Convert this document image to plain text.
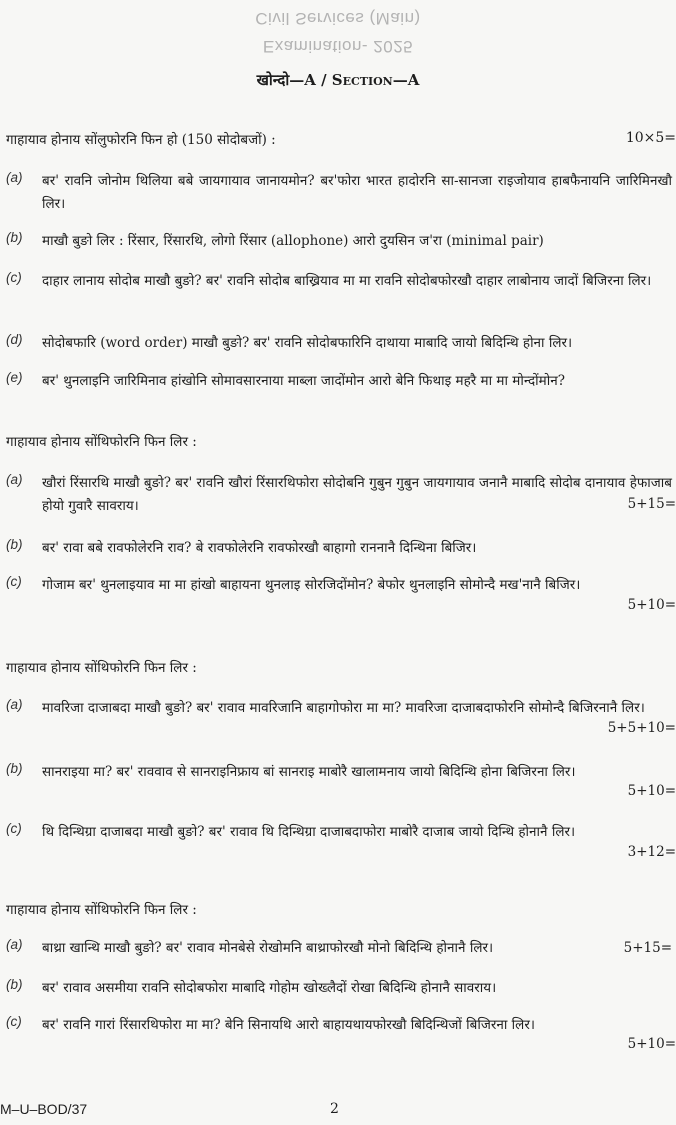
Civil Services (Main)
Examination- 2025
खोन्दो—A / Section—A
गाहायाव होनाय सोंलुफोरनि फिन हो (150 सोदोबजों) :	10×5=
(a) बर' रावनि जोनोम थिलिया बबे जायगायाव जानायमोन? बर'फोरा भारत हादोरनि सा-सानजा राइजोयाव हाबफैनायनि जारिमिनखौ लिर।
(b) माखौ बुङो लिर : रिंसार, रिंसारथि, लोगो रिंसार (allophone) आरो दुयसिन ज'रा (minimal pair)
(c) दाहार लानाय सोदोब माखौ बुङो? बर' रावनि सोदोब बाख्रियाव मा मा रावनि सोदोबफोरखौ दाहार लाबोनाय जादों बिजिरना लिर।
(d) सोदोबफारि (word order) माखौ बुङो? बर' रावनि सोदोबफारिनि दाथाया माबादि जायो बिदिन्थि होना लिर।
(e) बर' थुनलाइनि जारिमिनाव हांखोनि सोमावसारनाया माब्ला जादोंमोन आरो बेनि फिथाइ महरै मा मा मोन्दोंमोन?
गाहायाव होनाय सोंथिफोरनि फिन लिर :
(a) खौरां रिंसारथि माखौ बुङो? बर' रावनि खौरां रिंसारथिफोरा सोदोबनि गुबुन गुबुन जायगायाव जनानै माबादि सोदोब दानायाव हेफाजाब होयो गुवारै सावराय।	5+15=
(b) बर' रावा बबे रावफोलेरनि राव? बे रावफोलेरनि रावफोरखौ बाहागो राननानै दिन्थिना बिजिर।
(c) गोजाम बर' थुनलाइयाव मा मा हांखो बाहायना थुनलाइ सोरजिदोंमोन? बेफोर थुनलाइनि सोमोन्दै मख'नानै बिजिर।
5+10=
गाहायाव होनाय सोंथिफोरनि फिन लिर :
(a) मावरिजा दाजाबदा माखौ बुङो? बर' रावाव मावरिजानि बाहागोफोरा मा मा? मावरिजा दाजाबदाफोरनि सोमोन्दै बिजिरनानै लिर।
5+5+10=
(b) सानराइया मा? बर' राववाव से सानराइनिफ्राय बां सानराइ माबोरै खालामनाय जायो बिदिन्थि होना बिजिरना लिर।
5+10=
(c) थि दिन्थिग्रा दाजाबदा माखौ बुङो? बर' रावाव थि दिन्थिग्रा दाजाबदाफोरा माबोरै दाजाब जायो दिन्थि होनानै लिर।
3+12=
गाहायाव होनाय सोंथिफोरनि फिन लिर :
(a) बाथ्रा खान्थि माखौ बुङो? बर' रावाव मोनबेसे रोखोमनि बाथ्राफोरखौ मोनो बिदिन्थि होनानै लिर।	5+15=
(b) बर' रावाव असमीया रावनि सोदोबफोरा माबादि गोहोम खोख्लैदों रोखा बिदिन्थि होनानै सावराय।
(c) बर' रावनि गारां रिंसारथिफोरा मा मा? बेनि सिनायथि आरो बाहायथायफोरखौ बिदिन्थिजों बिजिरना लिर।
5+10=
M–U–BOD/37	2
